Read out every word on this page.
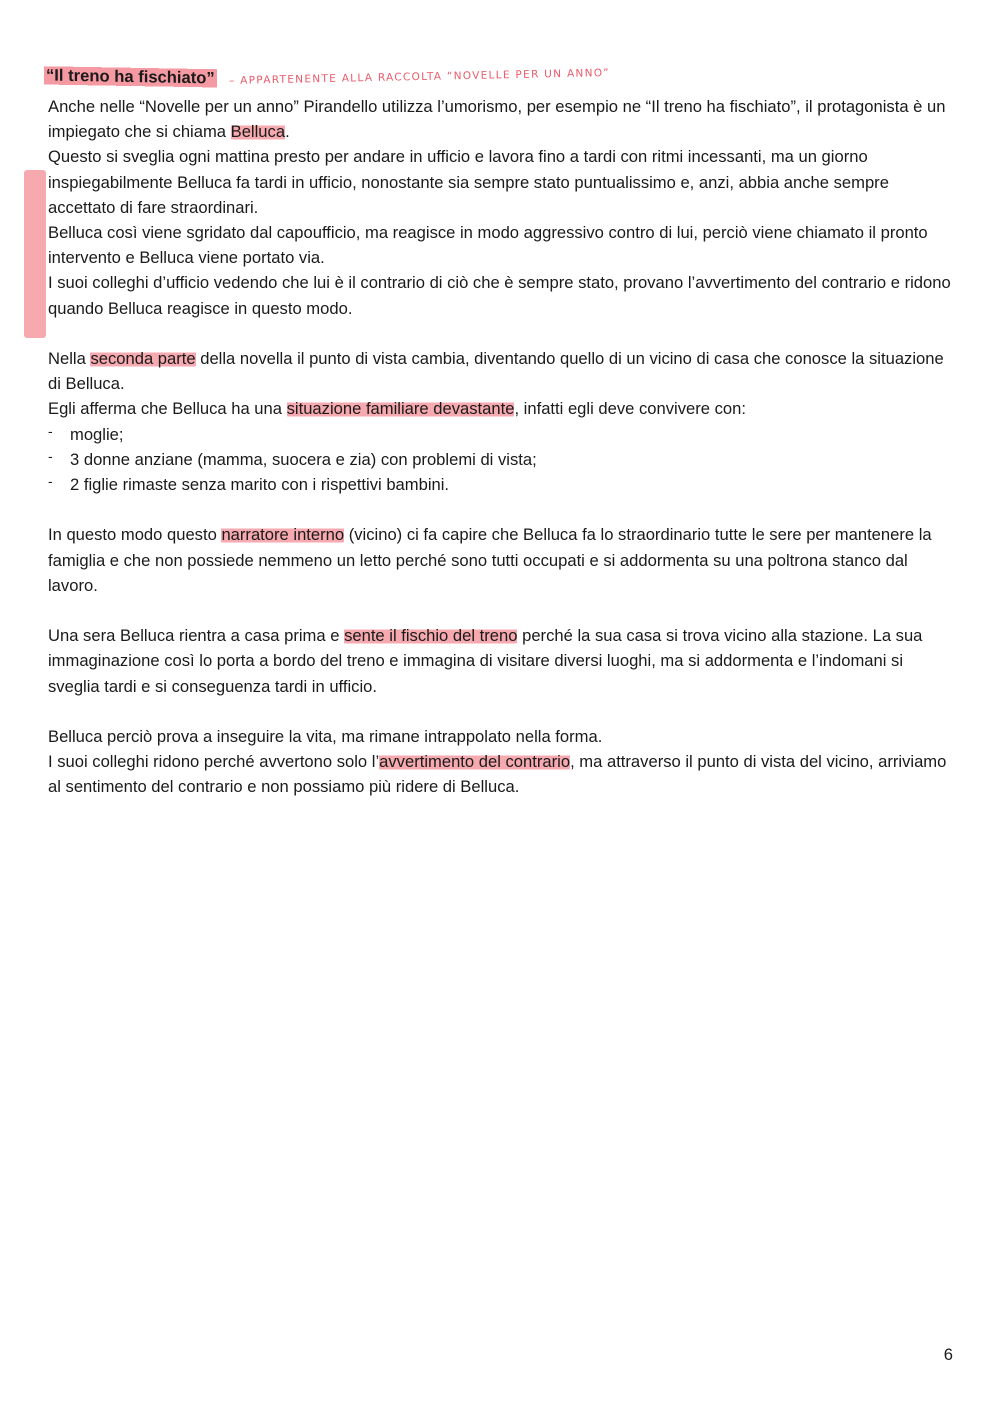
“Il treno ha fischiato” – APPARTENENTE ALLA RACCOLTA “NOVELLE PER UN ANNO”

Anche nelle “Novelle per un anno” Pirandello utilizza l’umorismo, per esempio ne “Il treno ha fischiato”, il protagonista è un impiegato che si chiama Belluca.

Questo si sveglia ogni mattina presto per andare in ufficio e lavora fino a tardi con ritmi incessanti, ma un giorno inspiegabilmente Belluca fa tardi in ufficio, nonostante sia sempre stato puntualissimo e, anzi, abbia anche sempre accettato di fare straordinari.

Belluca così viene sgridato dal capoufficio, ma reagisce in modo aggressivo contro di lui, perciò viene chiamato il pronto intervento e Belluca viene portato via.

I suoi colleghi d’ufficio vedendo che lui è il contrario di ciò che è sempre stato, provano l’avvertimento del contrario e ridono quando Belluca reagisce in questo modo.

Nella seconda parte della novella il punto di vista cambia, diventando quello di un vicino di casa che conosce la situazione di Belluca.

Egli afferma che Belluca ha una situazione familiare devastante, infatti egli deve convivere con:

- moglie;
- 3 donne anziane (mamma, suocera e zia) con problemi di vista;
- 2 figlie rimaste senza marito con i rispettivi bambini.

In questo modo questo narratore interno (vicino) ci fa capire che Belluca fa lo straordinario tutte le sere per mantenere la famiglia e che non possiede nemmeno un letto perché sono tutti occupati e si addormenta su una poltrona stanco dal lavoro.

Una sera Belluca rientra a casa prima e sente il fischio del treno perché la sua casa si trova vicino alla stazione. La sua immaginazione così lo porta a bordo del treno e immagina di visitare diversi luoghi, ma si addormenta e l’indomani si sveglia tardi e si conseguenza tardi in ufficio.

Belluca perciò prova a inseguire la vita, ma rimane intrappolato nella forma.

I suoi colleghi ridono perché avvertono solo l’avvertimento del contrario, ma attraverso il punto di vista del vicino, arriviamo al sentimento del contrario e non possiamo più ridere di Belluca.

6
